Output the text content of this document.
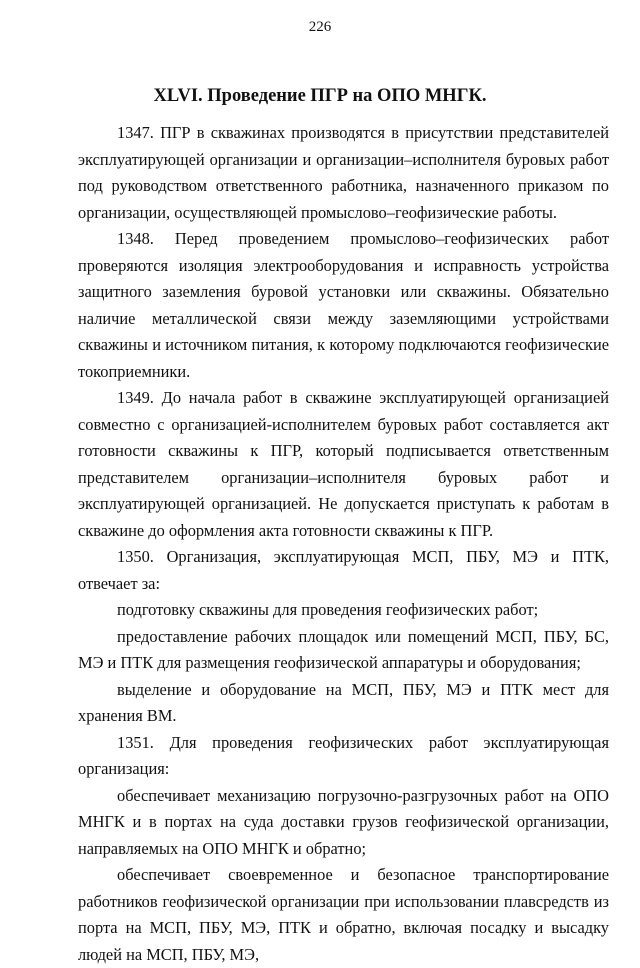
226
XLVI. Проведение ПГР на ОПО МНГК.

1347. ПГР в скважинах производятся в присутствии представителей эксплуатирующей организации и организации–исполнителя буровых работ под руководством ответственного работника, назначенного приказом по организации, осуществляющей промыслово–геофизические работы.

1348. Перед проведением промыслово–геофизических работ проверяются изоляция электрооборудования и исправность устройства защитного заземления буровой установки или скважины. Обязательно наличие металлической связи между заземляющими устройствами скважины и источником питания, к которому подключаются геофизические токоприемники.

1349. До начала работ в скважине эксплуатирующей организацией совместно с организацией-исполнителем буровых работ составляется акт готовности скважины к ПГР, который подписывается ответственным представителем организации–исполнителя буровых работ и эксплуатирующей организацией. Не допускается приступать к работам в скважине до оформления акта готовности скважины к ПГР.

1350. Организация, эксплуатирующая МСП, ПБУ, МЭ и ПТК, отвечает за:

подготовку скважины для проведения геофизических работ;

предоставление рабочих площадок или помещений МСП, ПБУ, БС, МЭ и ПТК для размещения геофизической аппаратуры и оборудования;

выделение и оборудование на МСП, ПБУ, МЭ и ПТК мест для хранения ВМ.

1351. Для проведения геофизических работ эксплуатирующая организация:

обеспечивает механизацию погрузочно-разгрузочных работ на ОПО МНГК и в портах на суда доставки грузов геофизической организации, направляемых на ОПО МНГК и обратно;

обеспечивает своевременное и безопасное транспортирование работников геофизической организации при использовании плавсредств из порта на МСП, ПБУ, МЭ, ПТК и обратно, включая посадку и высадку людей на МСП, ПБУ, МЭ,
